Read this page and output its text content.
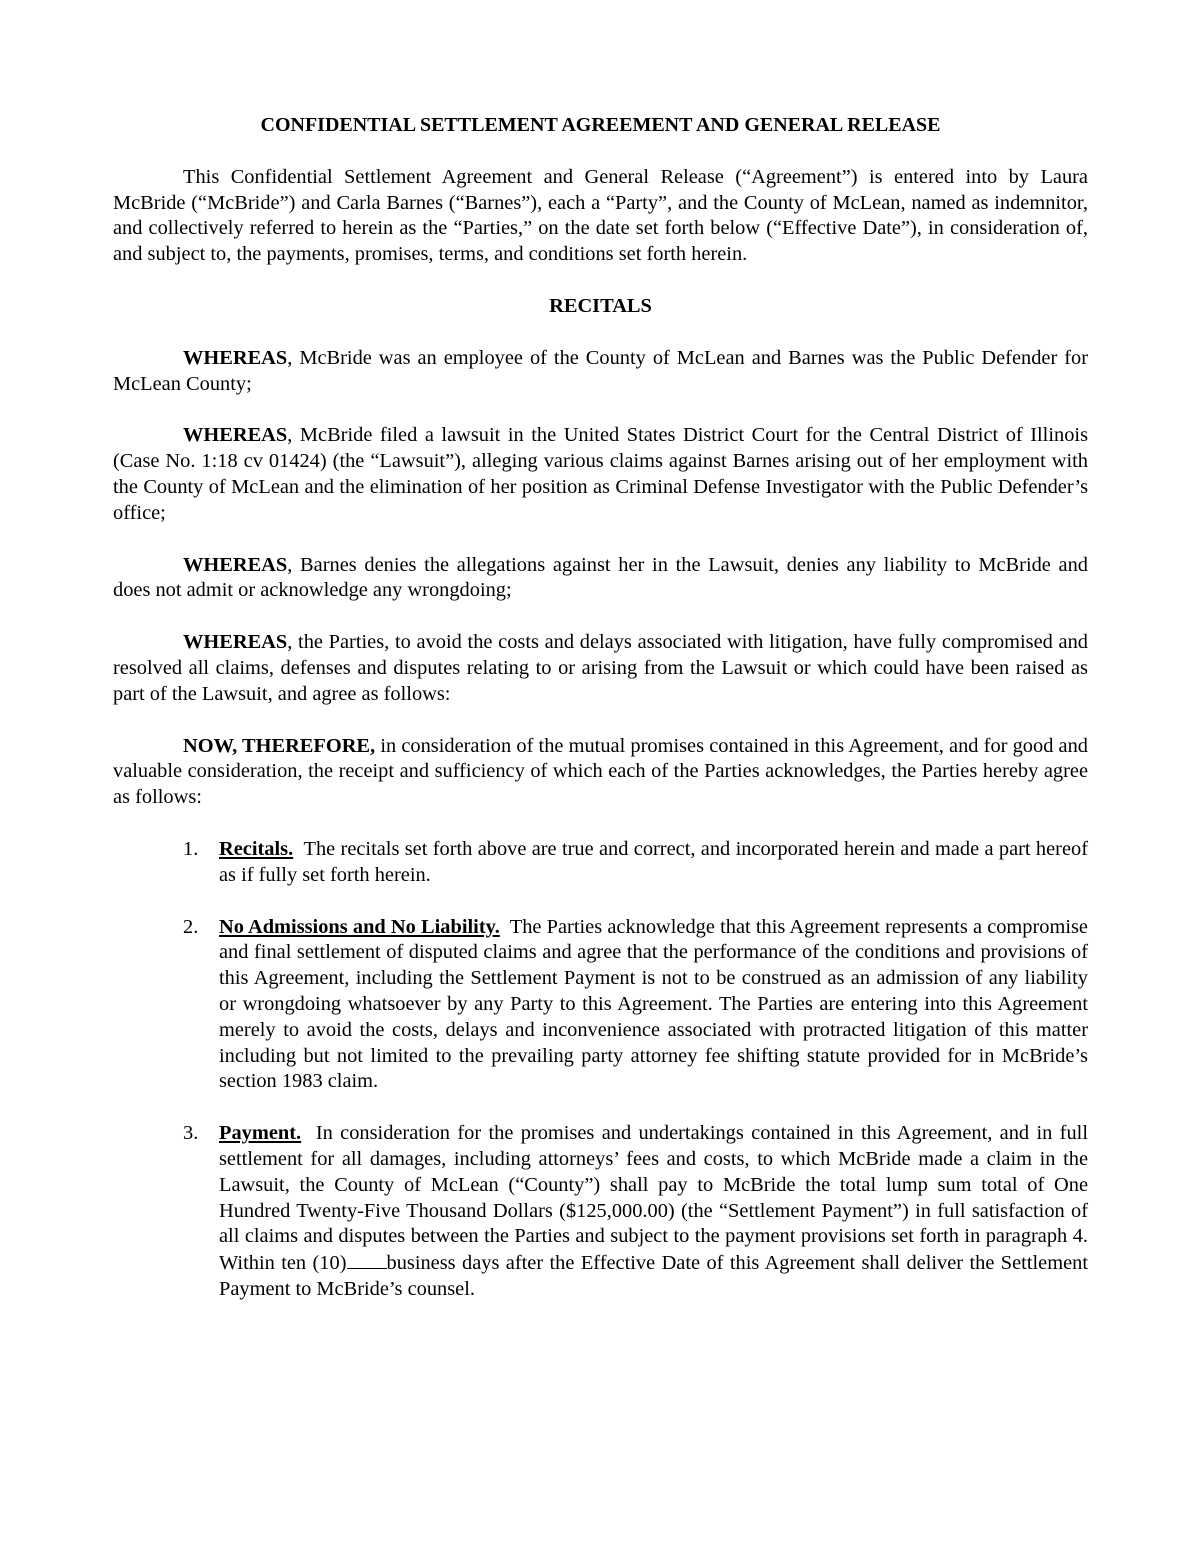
CONFIDENTIAL SETTLEMENT AGREEMENT AND GENERAL RELEASE

This Confidential Settlement Agreement and General Release (“Agreement”) is entered into by Laura McBride (“McBride”) and Carla Barnes (“Barnes”), each a “Party”, and the County of McLean, named as indemnitor, and collectively referred to herein as the “Parties,” on the date set forth below (“Effective Date”), in consideration of, and subject to, the payments, promises, terms, and conditions set forth herein.

RECITALS

WHEREAS, McBride was an employee of the County of McLean and Barnes was the Public Defender for McLean County;

WHEREAS, McBride filed a lawsuit in the United States District Court for the Central District of Illinois (Case No. 1:18 cv 01424) (the “Lawsuit”), alleging various claims against Barnes arising out of her employment with the County of McLean and the elimination of her position as Criminal Defense Investigator with the Public Defender’s office;

WHEREAS, Barnes denies the allegations against her in the Lawsuit, denies any liability to McBride and does not admit or acknowledge any wrongdoing;

WHEREAS, the Parties, to avoid the costs and delays associated with litigation, have fully compromised and resolved all claims, defenses and disputes relating to or arising from the Lawsuit or which could have been raised as part of the Lawsuit, and agree as follows:

NOW, THEREFORE, in consideration of the mutual promises contained in this Agreement, and for good and valuable consideration, the receipt and sufficiency of which each of the Parties acknowledges, the Parties hereby agree as follows:

1. Recitals.  The recitals set forth above are true and correct, and incorporated herein and made a part hereof as if fully set forth herein.
2. No Admissions and No Liability.  The Parties acknowledge that this Agreement represents a compromise and final settlement of disputed claims and agree that the performance of the conditions and provisions of this Agreement, including the Settlement Payment is not to be construed as an admission of any liability or wrongdoing whatsoever by any Party to this Agreement. The Parties are entering into this Agreement merely to avoid the costs, delays and inconvenience associated with protracted litigation of this matter including but not limited to the prevailing party attorney fee shifting statute provided for in McBride’s section 1983 claim.
3. Payment.  In consideration for the promises and undertakings contained in this Agreement, and in full settlement for all damages, including attorneys’ fees and costs, to which McBride made a claim in the Lawsuit, the County of McLean (“County”) shall pay to McBride the total lump sum total of One Hundred Twenty-Five Thousand Dollars ($125,000.00) (the “Settlement Payment”) in full satisfaction of all claims and disputes between the Parties and subject to the payment provisions set forth in paragraph 4.  Within ten (10) business days after the Effective Date of this Agreement shall deliver the Settlement Payment to McBride’s counsel.
